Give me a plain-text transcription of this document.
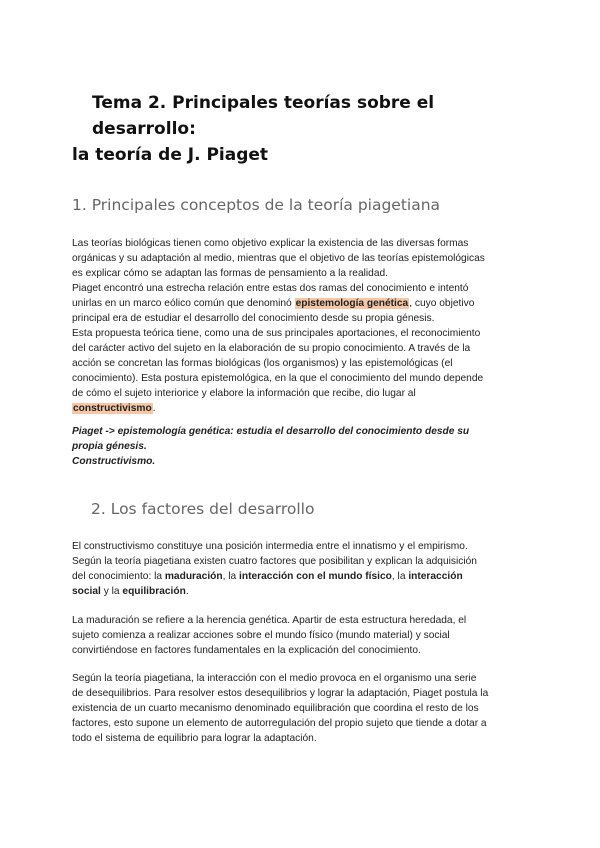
Tema 2. Principales teorías sobre el desarrollo:
la teoría de J. Piaget
1. Principales conceptos de la teoría piagetiana
Las teorías biológicas tienen como objetivo explicar la existencia de las diversas formas
orgánicas y su adaptación al medio, mientras que el objetivo de las teorías epistemológicas
es explicar cómo se adaptan las formas de pensamiento a la realidad.
Piaget encontró una estrecha relación entre estas dos ramas del conocimiento e intentó
unirlas en un marco eólico común que denominó epistemología genética, cuyo objetivo
principal era de estudiar el desarrollo del conocimiento desde su propia génesis.
Esta propuesta teórica tiene, como una de sus principales aportaciones, el reconocimiento
del carácter activo del sujeto en la elaboración de su propio conocimiento. A través de la
acción se concretan las formas biológicas (los organismos) y las epistemológicas (el
conocimiento). Esta postura epistemológica, en la que el conocimiento del mundo depende
de cómo el sujeto interiorice y elabore la información que recibe, dio lugar al
constructivismo.
Piaget -> epistemología genética: estudia el desarrollo del conocimiento desde su
propia génesis.
Constructivismo.
2. Los factores del desarrollo
El constructivismo constituye una posición intermedia entre el innatismo y el empirismo.
Según la teoría piagetiana existen cuatro factores que posibilitan y explican la adquisición
del conocimiento: la maduración, la interacción con el mundo físico, la interacción
social y la equilibración.
La maduración se refiere a la herencia genética. Apartir de esta estructura heredada, el
sujeto comienza a realizar acciones sobre el mundo físico (mundo material) y social
convirtiéndose en factores fundamentales en la explicación del conocimiento.
Según la teoría piagetiana, la interacción con el medio provoca en el organismo una serie
de desequilibrios. Para resolver estos desequilibrios y lograr la adaptación, Piaget postula la
existencia de un cuarto mecanismo denominado equilibración que coordina el resto de los
factores, esto supone un elemento de autorregulación del propio sujeto que tiende a dotar a
todo el sistema de equilibrio para lograr la adaptación.
